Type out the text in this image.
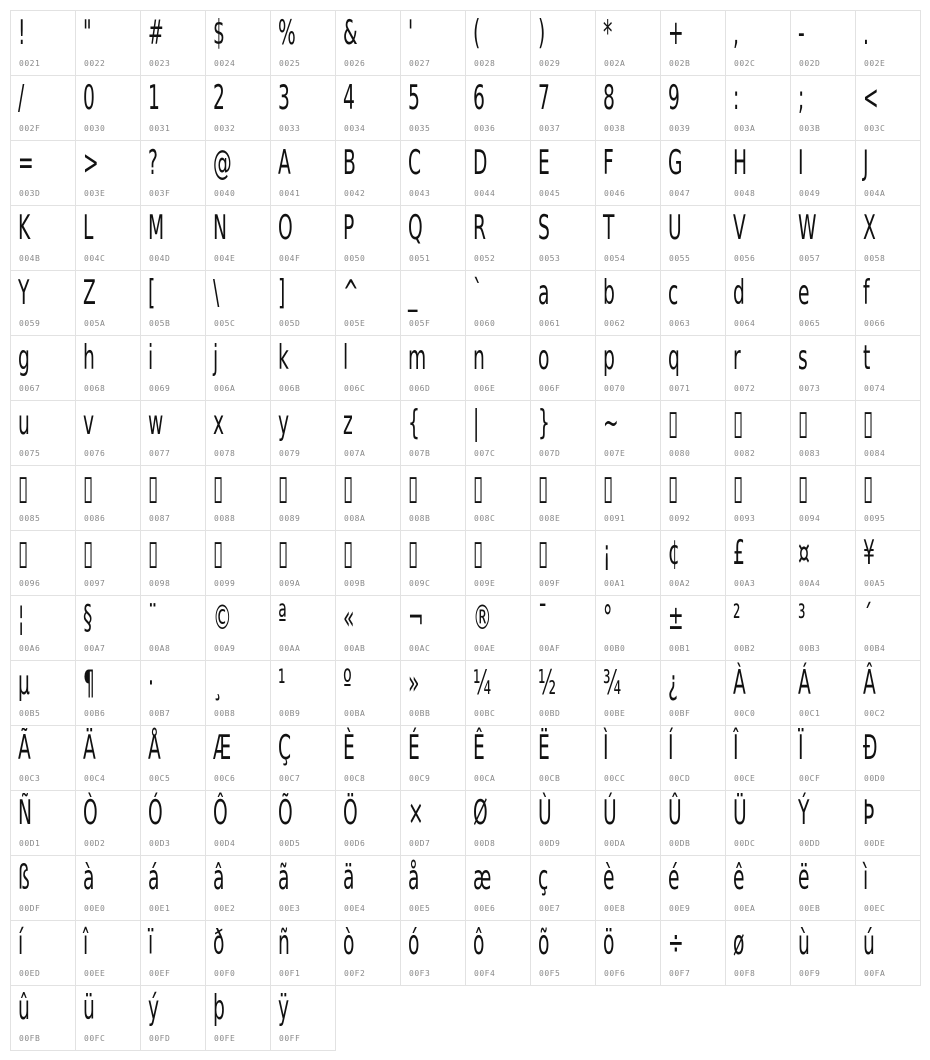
!
0021
"
0022
#
0023
$
0024
%
0025
&
0026
'
0027
(
0028
)
0029
*
002A
+
002B
,
002C
-
002D
.
002E
/
002F
0
0030
1
0031
2
0032
3
0033
4
0034
5
0035
6
0036
7
0037
8
0038
9
0039
:
003A
;
003B
<
003C
=
003D
>
003E
?
003F
@
0040
A
0041
B
0042
C
0043
D
0044
E
0045
F
0046
G
0047
H
0048
I
0049
J
004A
K
004B
L
004C
M
004D
N
004E
O
004F
P
0050
Q
0051
R
0052
S
0053
T
0054
U
0055
V
0056
W
0057
X
0058
Y
0059
Z
005A
[
005B
\
005C
]
005D
^
005E
_
005F
`
0060
a
0061
b
0062
c
0063
d
0064
e
0065
f
0066
g
0067
h
0068
i
0069
j
006A
k
006B
l
006C
m
006D
n
006E
o
006F
p
0070
q
0071
r
0072
s
0073
t
0074
u
0075
v
0076
w
0077
x
0078
y
0079
z
007A
{
007B
|
007C
}
007D
~
007E
▯
0080
▯
0082
▯
0083
▯
0084
▯
0085
▯
0086
▯
0087
▯
0088
▯
0089
▯
008A
▯
008B
▯
008C
▯
008E
▯
0091
▯
0092
▯
0093
▯
0094
▯
0095
▯
0096
▯
0097
▯
0098
▯
0099
▯
009A
▯
009B
▯
009C
▯
009E
▯
009F
¡
00A1
¢
00A2
£
00A3
¤
00A4
¥
00A5
¦
00A6
§
00A7
¨
00A8
©
00A9
ª
00AA
«
00AB
¬
00AC
®
00AE
¯
00AF
°
00B0
±
00B1
²
00B2
³
00B3
´
00B4
µ
00B5
¶
00B6
·
00B7
¸
00B8
¹
00B9
º
00BA
»
00BB
¼
00BC
½
00BD
¾
00BE
¿
00BF
À
00C0
Á
00C1
Â
00C2
Ã
00C3
Ä
00C4
Å
00C5
Æ
00C6
Ç
00C7
È
00C8
É
00C9
Ê
00CA
Ë
00CB
Ì
00CC
Í
00CD
Î
00CE
Ï
00CF
Ð
00D0
Ñ
00D1
Ò
00D2
Ó
00D3
Ô
00D4
Õ
00D5
Ö
00D6
×
00D7
Ø
00D8
Ù
00D9
Ú
00DA
Û
00DB
Ü
00DC
Ý
00DD
Þ
00DE
ß
00DF
à
00E0
á
00E1
â
00E2
ã
00E3
ä
00E4
å
00E5
æ
00E6
ç
00E7
è
00E8
é
00E9
ê
00EA
ë
00EB
ì
00EC
í
00ED
î
00EE
ï
00EF
ð
00F0
ñ
00F1
ò
00F2
ó
00F3
ô
00F4
õ
00F5
ö
00F6
÷
00F7
ø
00F8
ù
00F9
ú
00FA
û
00FB
ü
00FC
ý
00FD
þ
00FE
ÿ
00FF
